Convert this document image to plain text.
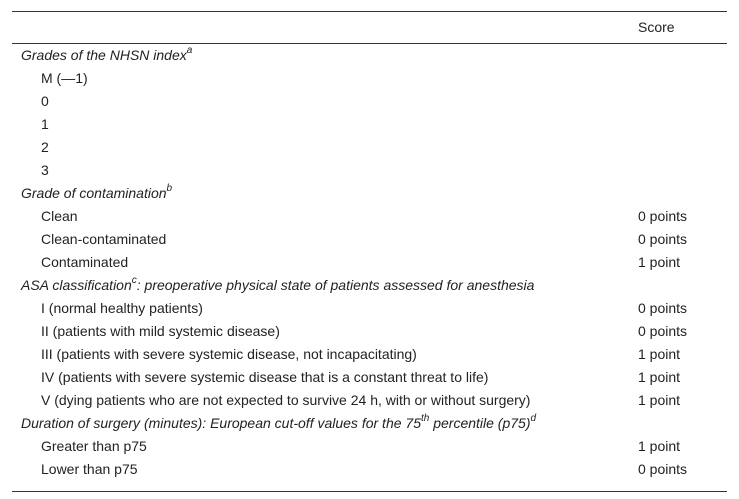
Score
Grades of the NHSN index$^a$
M (—1)
0
1
2
3
Grade of contamination$^b$
Clean	0 points
Clean-contaminated	0 points
Contaminated	1 point
ASA classification$^c$: preoperative physical state of patients assessed for anesthesia
I (normal healthy patients)	0 points
II (patients with mild systemic disease)	0 points
III (patients with severe systemic disease, not incapacitating)	1 point
IV (patients with severe systemic disease that is a constant threat to life)	1 point
V (dying patients who are not expected to survive 24 h, with or without surgery)	1 point
Duration of surgery (minutes): European cut-off values for the 75th percentile $(p75)^d$
Greater than p75	1 point
Lower than p75	0 points
